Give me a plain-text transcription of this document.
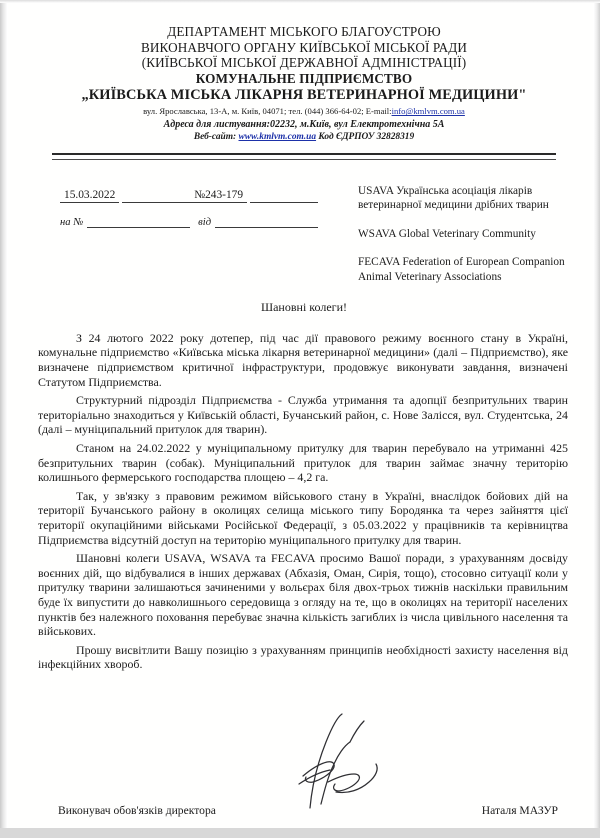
ДЕПАРТАМЕНТ МІСЬКОГО БЛАГОУСТРОЮ
ВИКОНАВЧОГО ОРГАНУ КИЇВСЬКОЇ МІСЬКОЇ РАДИ
(КИЇВСЬКОЇ МІСЬКОЇ ДЕРЖАВНОЇ АДМІНІСТРАЦІЇ)
КОМУНАЛЬНЕ ПІДПРИЄМСТВО
„КИЇВСЬКА МІСЬКА ЛІКАРНЯ ВЕТЕРИНАРНОЇ МЕДИЦИНИ"
вул. Ярославська, 13-А, м. Київ, 04071; тел. (044) 366-64-02; E-mail:info@kmlvm.com.ua
Адреса для листування:02232, м.Київ, вул Електротехнічна 5А
Веб-сайт: www.kmlvm.com.ua Код ЄДРПОУ 32828319
15.03.2022	№243-179
на №	від
USAVA Українська асоціація лікарів ветеринарної медицини дрібних тварин
WSAVA Global Veterinary Community
FECAVA Federation of European Companion Animal Veterinary Associations
Шановні колеги!

З 24 лютого 2022 року дотепер, під час дії правового режиму воєнного стану в Україні, комунальне підприємство «Київська міська лікарня ветеринарної медицини» (далі – Підприємство), яке визначене підприємством критичної інфраструктури, продовжує виконувати завдання, визначені Статутом Підприємства.

Структурний підрозділ Підприємства - Служба утримання та адопції безпритульних тварин територіально знаходиться у Київській області, Бучанський район, с. Нове Залісся, вул. Студентська, 24 (далі – муніципальний притулок для тварин).

Станом на 24.02.2022 у муніципальному притулку для тварин перебувало на утриманні 425 безпритульних тварин (собак). Муніципальний притулок для тварин займає значну територію колишнього фермерського господарства площею – 4,2 га.

Так, у зв'язку з правовим режимом військового стану в Україні, внаслідок бойових дій на території Бучанського району в околицях селища міського типу Бородянка та через зайняття цієї території окупаційними військами Російської Федерації, з 05.03.2022 у працівників та керівництва Підприємства відсутній доступ на територію муніципального притулку для тварин.

Шановні колеги USAVA, WSAVA та FECAVA просимо Вашої поради, з урахуванням досвіду воєнних дій, що відбувалися в інших державах (Абхазія, Оман, Сирія, тощо), стосовно ситуації коли у притулку тварини залишаються зачиненими у вольєрах біля двох-трьох тижнів наскільки правильним буде їх випустити до навколишнього середовища з огляду на те, що в околицях на території населених пунктів без належного поховання перебуває значна кількість загиблих із числа цивільного населення та військових.

Прошу висвітлити Вашу позицію з урахуванням принципів необхідності захисту населення від інфекційних хвороб.

Виконувач обов'язків директора	Наталя МАЗУР
